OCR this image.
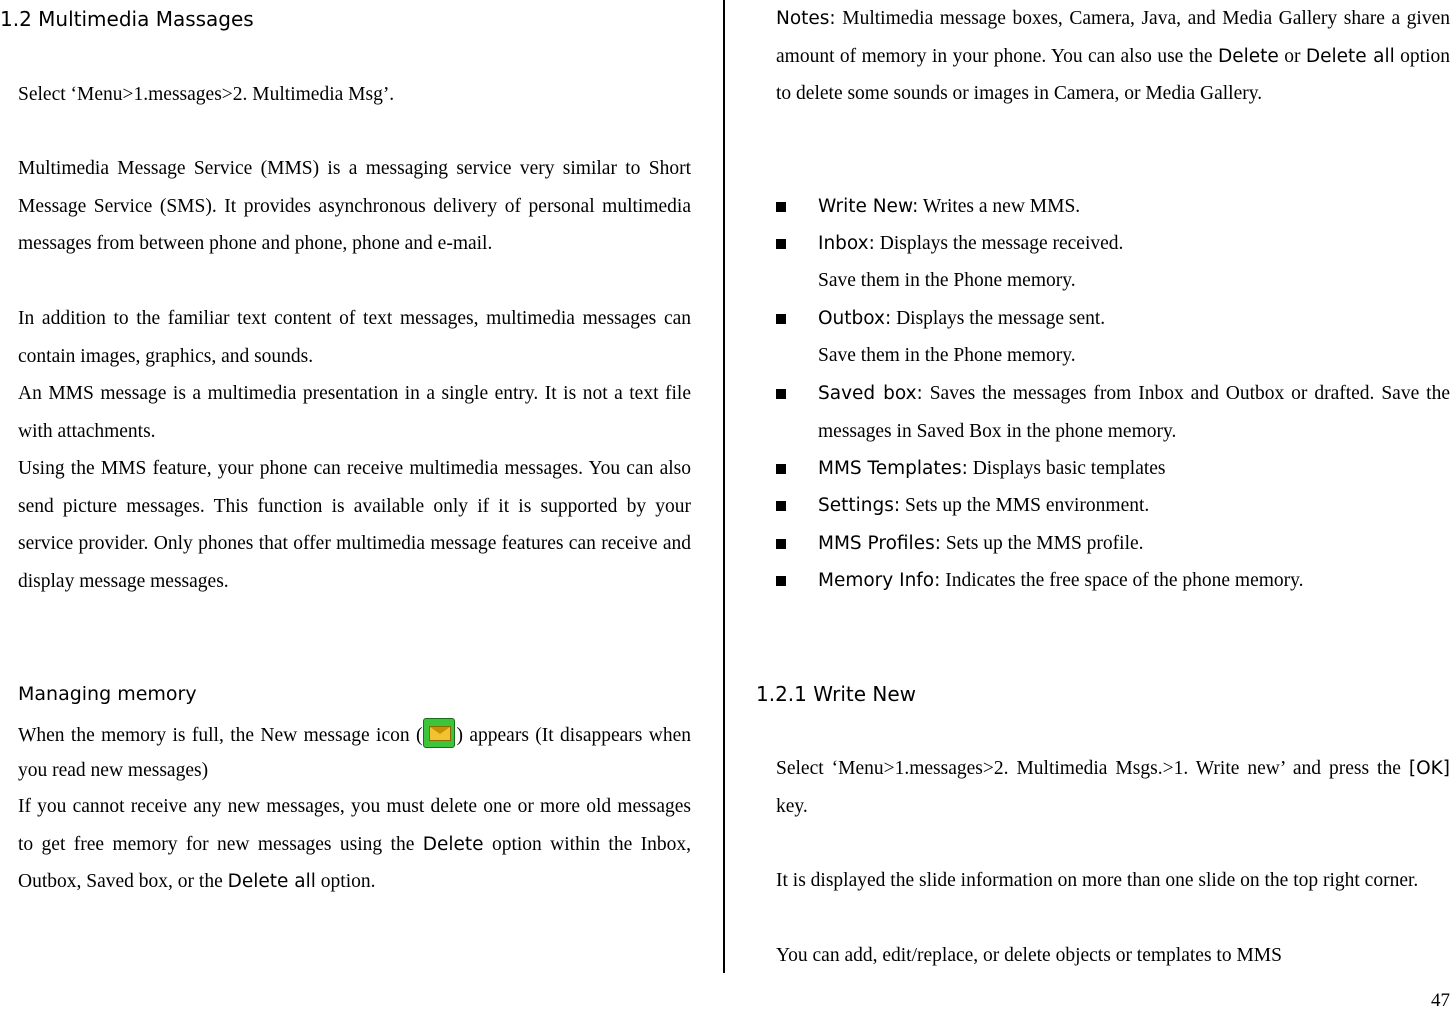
1.2 Multimedia Massages

Select ‘Menu>1.messages>2. Multimedia Msg’.

Multimedia Message Service (MMS) is a messaging service very similar to Short Message Service (SMS). It provides asynchronous delivery of personal multimedia messages from between phone and phone, phone and e-mail.

In addition to the familiar text content of text messages, multimedia messages can contain images, graphics, and sounds.

An MMS message is a multimedia presentation in a single entry. It is not a text file with attachments.

Using the MMS feature, your phone can receive multimedia messages. You can also send picture messages. This function is available only if it is supported by your service provider. Only phones that offer multimedia message features can receive and display message messages.

Managing memory

When the memory is full, the New message icon ( ) appears (It disappears when you read new messages)

If you cannot receive any new messages, you must delete one or more old messages to get free memory for new messages using the Delete option within the Inbox, Outbox, Saved box, or the Delete all option.

Notes: Multimedia message boxes, Camera, Java, and Media Gallery share a given amount of memory in your phone. You can also use the Delete or Delete all option to delete some sounds or images in Camera, or Media Gallery.

Write New: Writes a new MMS.
Inbox: Displays the message received.
Save them in the Phone memory.
Outbox: Displays the message sent.
Save them in the Phone memory.
Saved box: Saves the messages from Inbox and Outbox or drafted. Save the messages in Saved Box in the phone memory.
MMS Templates: Displays basic templates
Settings: Sets up the MMS environment.
MMS Profiles: Sets up the MMS profile.
Memory Info: Indicates the free space of the phone memory.
1.2.1 Write New

Select ‘Menu>1.messages>2. Multimedia Msgs.>1. Write new’ and press the [OK] key.

It is displayed the slide information on more than one slide on the top right corner.

You can add, edit/replace, or delete objects or templates to MMS

47
